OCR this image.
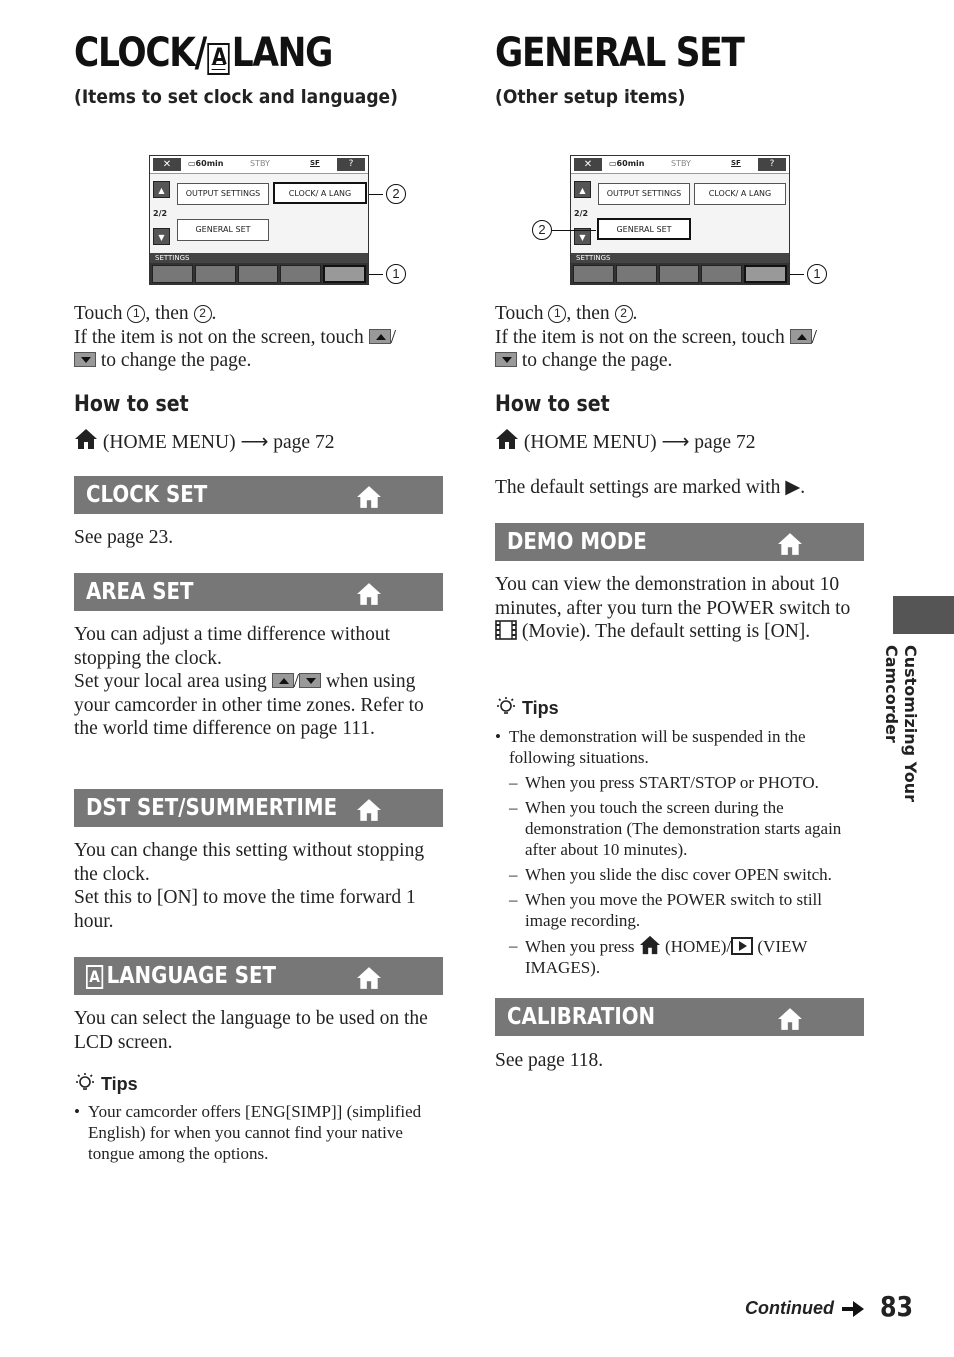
CLOCK/ A LANG
(Items to set clock and language)
✕	▭60min	STBY	SF	?
▲
2/2
▼
OUTPUT SETTINGS	CLOCK/ A LANG
GENERAL SET
SETTINGS
2
1
Touch 1 , then 2 .
If the item is not on the screen, touch /
to change the page.
How to set
(HOME MENU) ⟶ page 72
CLOCK SET
See page 23.
AREA SET
You can adjust a time difference without stopping the clock.
Set your local area using / when using your camcorder in other time zones. Refer to the world time difference on page 111.
DST SET/SUMMERTIME
You can change this setting without stopping the clock.
Set this to [ON] to move the time forward 1 hour.
A LANGUAGE SET
You can select the language to be used on the LCD screen.
Tips
• Your camcorder offers [ENG[SIMP]] (simplified English) for when you cannot find your native tongue among the options.
GENERAL SET
(Other setup items)
✕	▭60min	STBY	SF	?
▲
2/2
▼
OUTPUT SETTINGS	CLOCK/ A LANG
GENERAL SET
SETTINGS
2
1
Touch 1 , then 2 .
If the item is not on the screen, touch /
to change the page.
How to set
(HOME MENU) ⟶ page 72
The default settings are marked with ▶.
DEMO MODE
You can view the demonstration in about 10 minutes, after you turn the POWER switch to  (Movie). The default setting is [ON].
Tips
• The demonstration will be suspended in the following situations.
– When you press START/STOP or PHOTO.
– When you touch the screen during the demonstration (The demonstration starts again after about 10 minutes).
– When you slide the disc cover OPEN switch.
– When you move the POWER switch to still image recording.
– When you press (HOME)/ (VIEW IMAGES).
CALIBRATION
See page 118.
Customizing Your Camcorder
Continued 83
